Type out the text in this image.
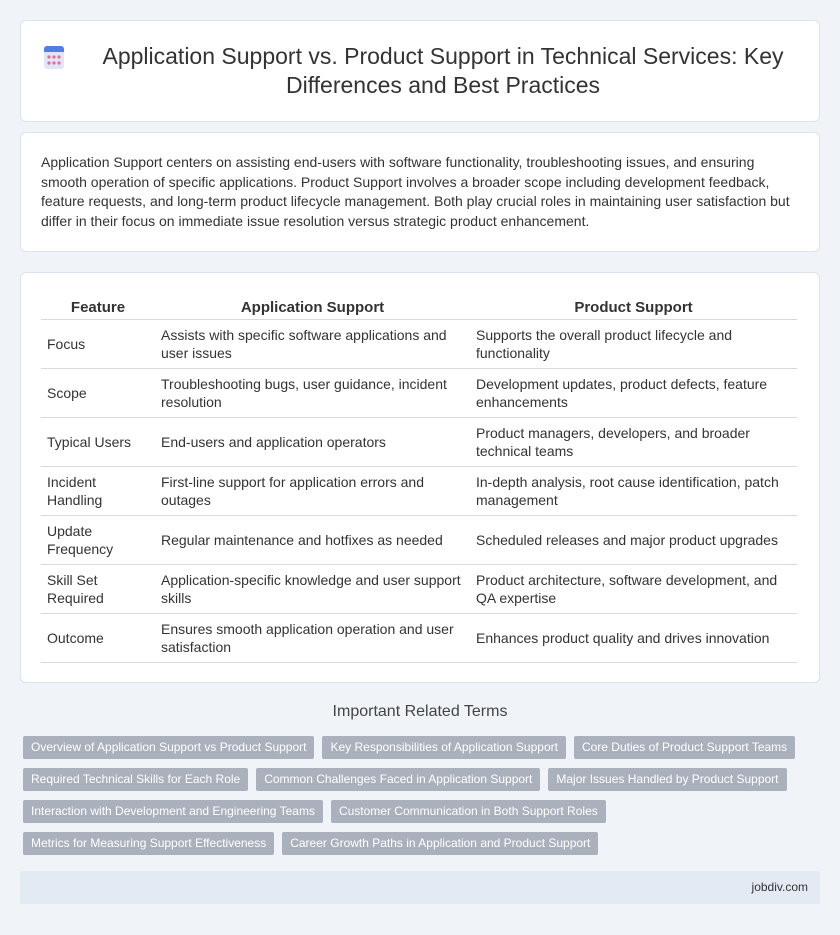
Application Support vs. Product Support in Technical Services: Key Differences and Best Practices

Application Support centers on assisting end-users with software functionality, troubleshooting issues, and ensuring smooth operation of specific applications. Product Support involves a broader scope including development feedback, feature requests, and long-term product lifecycle management. Both play crucial roles in maintaining user satisfaction but differ in their focus on immediate issue resolution versus strategic product enhancement.

Feature	Application Support	Product Support
Focus	Assists with specific software applications and user issues	Supports the overall product lifecycle and functionality
Scope	Troubleshooting bugs, user guidance, incident resolution	Development updates, product defects, feature enhancements
Typical Users	End-users and application operators	Product managers, developers, and broader technical teams
Incident Handling	First-line support for application errors and outages	In-depth analysis, root cause identification, patch management
Update Frequency	Regular maintenance and hotfixes as needed	Scheduled releases and major product upgrades
Skill Set Required	Application-specific knowledge and user support skills	Product architecture, software development, and QA expertise
Outcome	Ensures smooth application operation and user satisfaction	Enhances product quality and drives innovation
Important Related Terms
Overview of Application Support vs Product Support	Key Responsibilities of Application Support	Core Duties of Product Support Teams
Required Technical Skills for Each Role	Common Challenges Faced in Application Support	Major Issues Handled by Product Support
Interaction with Development and Engineering Teams	Customer Communication in Both Support Roles
Metrics for Measuring Support Effectiveness	Career Growth Paths in Application and Product Support
jobdiv.com
